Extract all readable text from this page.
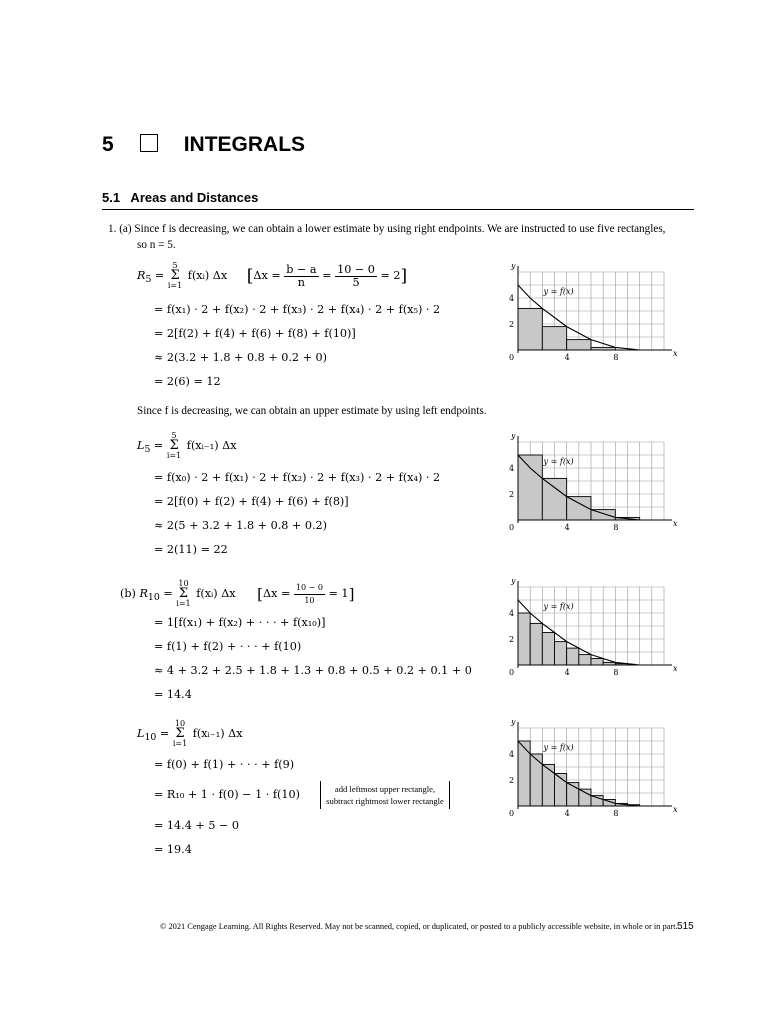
5	INTEGRALS
5.1   Areas and Distances
1. (a) Since f is decreasing, we can obtain a lower estimate by using right endpoints. We are instructed to use five rectangles,
so n = 5.
$R_5 = 5$
Σ
i=1 f(xᵢ) Δx $[\Delta x = \frac{b - a}{n} = \frac{10 - 0}{5} = 2]$
= f(x₁) · 2 + f(x₂) · 2 + f(x₃) · 2 + f(x₄) · 2 + f(x₅) · 2
= 2[f(2) + f(4) + f(6) + f(8) + f(10)]
≈ 2(3.2 + 1.8 + 0.8 + 0.2 + 0)
= 2(6) = 12
Since f is decreasing, we can obtain an upper estimate by using left endpoints.
$L_5 = 5$
Σ
i=1 f(xᵢ₋₁) Δx
= f(x₀) · 2 + f(x₁) · 2 + f(x₂) · 2 + f(x₃) · 2 + f(x₄) · 2
= 2[f(0) + f(2) + f(4) + f(6) + f(8)]
≈ 2(5 + 3.2 + 1.8 + 0.8 + 0.2)
= 2(11) = 22
(b) $R_{10} = 10$
Σ
i=1 f(xᵢ) Δx $[\Delta x = \frac{10 - 0}{10} = 1]$
= 1[f(x₁) + f(x₂) + · · · + f(x₁₀)]
= f(1) + f(2) + · · · + f(10)
≈ 4 + 3.2 + 2.5 + 1.8 + 1.3 + 0.8 + 0.5 + 0.2 + 0.1 + 0
= 14.4
$L_{10} = 10$
Σ
i=1 f(xᵢ₋₁) Δx
= f(0) + f(1) + · · · + f(9)
= R₁₀ + 1 · f(0) − 1 · f(10)	add leftmost upper rectangle,
subtract rightmost lower rectangle
= 14.4 + 5 − 0
= 19.4
x
y
0	4	8
2
4
y = f(x)
x
y
0	4	8
2
4
y = f(x)
x
y
0	4	8
2
4
y = f(x)
x
y
0	4	8
2
4
y = f(x)
© 2021 Cengage Learning. All Rights Reserved. May not be scanned, copied, or duplicated, or posted to a publicly accessible website, in whole or in part. 515
